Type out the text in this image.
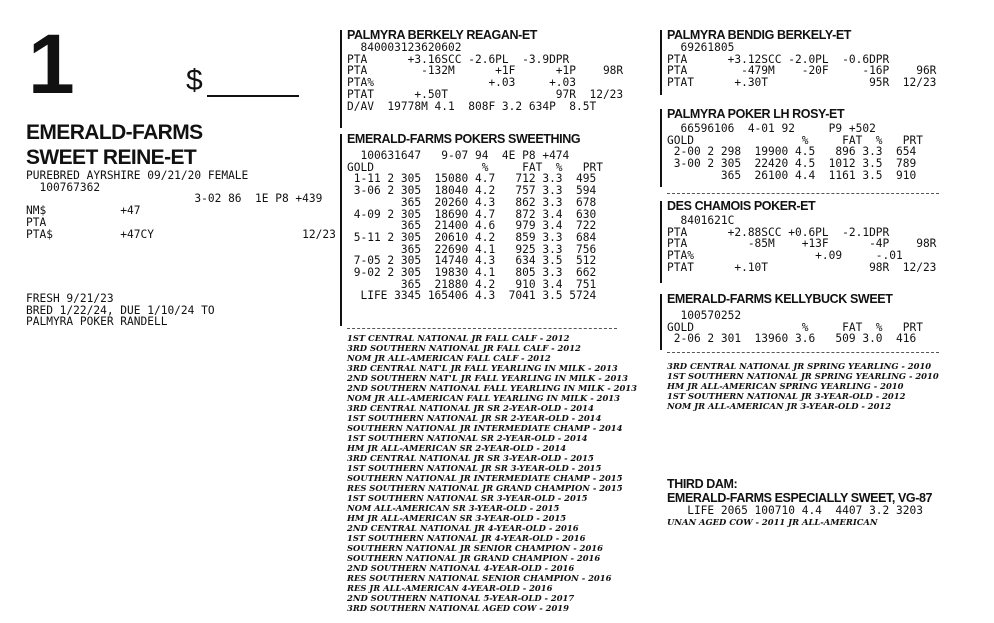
1	$
EMERALD-FARMS
SWEET REINE-ET
PUREBRED AYRSHIRE 09/21/20 FEMALE
100767362
3-02 86  1E P8 +439
NM$           +47
PTA
PTA$          +47CY                      12/23
FRESH 9/21/23
BRED 1/22/24, DUE 1/10/24 TO
PALMYRA POKER RANDELL
PALMYRA BERKELY REAGAN-ET
840003123620602
PTA      +3.16SCC -2.6PL  -3.9DPR
PTA        -132M      +1F      +1P    98R
PTA%                 +.03     +.03
PTAT      +.50T                97R  12/23
D/AV  19778M 4.1  808F 3.2 634P  8.5T
EMERALD-FARMS POKERS SWEETHING
100631647   9-07 94  4E P8 +474
GOLD                %     FAT  %   PRT
1-11 2 305  15080 4.7   712 3.3  495
3-06 2 305  18040 4.2   757 3.3  594
365  20260 4.3   862 3.3  678
4-09 2 305  18690 4.7   872 3.4  630
365  21400 4.6   979 3.4  722
5-11 2 305  20610 4.2   859 3.3  684
365  22690 4.1   925 3.3  756
7-05 2 305  14740 4.3   634 3.5  512
9-02 2 305  19830 4.1   805 3.3  662
365  21880 4.2   910 3.4  751
LIFE 3345 165406 4.3  7041 3.5 5724
1ST CENTRAL NATIONAL JR FALL CALF - 2012
3RD SOUTHERN NATIONAL JR FALL CALF - 2012
NOM JR ALL-AMERICAN FALL CALF - 2012
3RD CENTRAL NAT'L JR FALL YEARLING IN MILK - 2013
2ND SOUTHERN NAT'L JR FALL YEARLING IN MILK - 2013
2ND SOUTHERN NATIONAL FALL YEARLING IN MILK - 2013
NOM JR ALL-AMERICAN FALL YEARLING IN MILK - 2013
3RD CENTRAL NATIONAL JR SR 2-YEAR-OLD - 2014
1ST SOUTHERN NATIONAL JR SR 2-YEAR-OLD - 2014
SOUTHERN NATIONAL JR INTERMEDIATE CHAMP - 2014
1ST SOUTHERN NATIONAL SR 2-YEAR-OLD - 2014
HM JR ALL-AMERICAN SR 2-YEAR-OLD - 2014
3RD CENTRAL NATIONAL JR SR 3-YEAR-OLD - 2015
1ST SOUTHERN NATIONAL JR SR 3-YEAR-OLD - 2015
SOUTHERN NATIONAL JR INTERMEDIATE CHAMP - 2015
RES SOUTHERN NATIONAL JR GRAND CHAMPION - 2015
1ST SOUTHERN NATIONAL SR 3-YEAR-OLD - 2015
NOM ALL-AMERICAN SR 3-YEAR-OLD - 2015
HM JR ALL-AMERICAN SR 3-YEAR-OLD - 2015
2ND CENTRAL NATIONAL JR 4-YEAR-OLD - 2016
1ST SOUTHERN NATIONAL JR 4-YEAR-OLD - 2016
SOUTHERN NATIONAL JR SENIOR CHAMPION - 2016
SOUTHERN NATIONAL JR GRAND CHAMPION - 2016
2ND SOUTHERN NATIONAL 4-YEAR-OLD - 2016
RES SOUTHERN NATIONAL SENIOR CHAMPION - 2016
RES JR ALL-AMERICAN 4-YEAR-OLD - 2016
2ND SOUTHERN NATIONAL 5-YEAR-OLD - 2017
3RD SOUTHERN NATIONAL AGED COW - 2019
PALMYRA BENDIG BERKELY-ET
69261805
PTA      +3.12SCC -2.0PL  -0.6DPR
PTA        -479M    -20F     -16P    96R
PTAT      +.30T               95R  12/23
PALMYRA POKER LH ROSY-ET
66596106  4-01 92     P9 +502
GOLD                %     FAT  %   PRT
2-00 2 298  19900 4.5   896 3.3  654
3-00 2 305  22420 4.5  1012 3.5  789
365  26100 4.4  1161 3.5  910
DES CHAMOIS POKER-ET
8401621C
PTA      +2.88SCC +0.6PL  -2.1DPR
PTA         -85M    +13F      -4P    98R
PTA%                  +.09     -.01
PTAT      +.10T               98R  12/23
EMERALD-FARMS KELLYBUCK SWEET
100570252
GOLD                %     FAT  %   PRT
2-06 2 301  13960 3.6   509 3.0  416
3RD CENTRAL NATIONAL JR SPRING YEARLING - 2010
1ST SOUTHERN NATIONAL JR SPRING YEARLING - 2010
HM JR ALL-AMERICAN SPRING YEARLING - 2010
1ST SOUTHERN NATIONAL JR 3-YEAR-OLD - 2012
NOM JR ALL-AMERICAN JR 3-YEAR-OLD - 2012
THIRD DAM:
EMERALD-FARMS ESPECIALLY SWEET, VG-87
LIFE 2065 100710 4.4  4407 3.2 3203
UNAN AGED COW - 2011 JR ALL-AMERICAN
